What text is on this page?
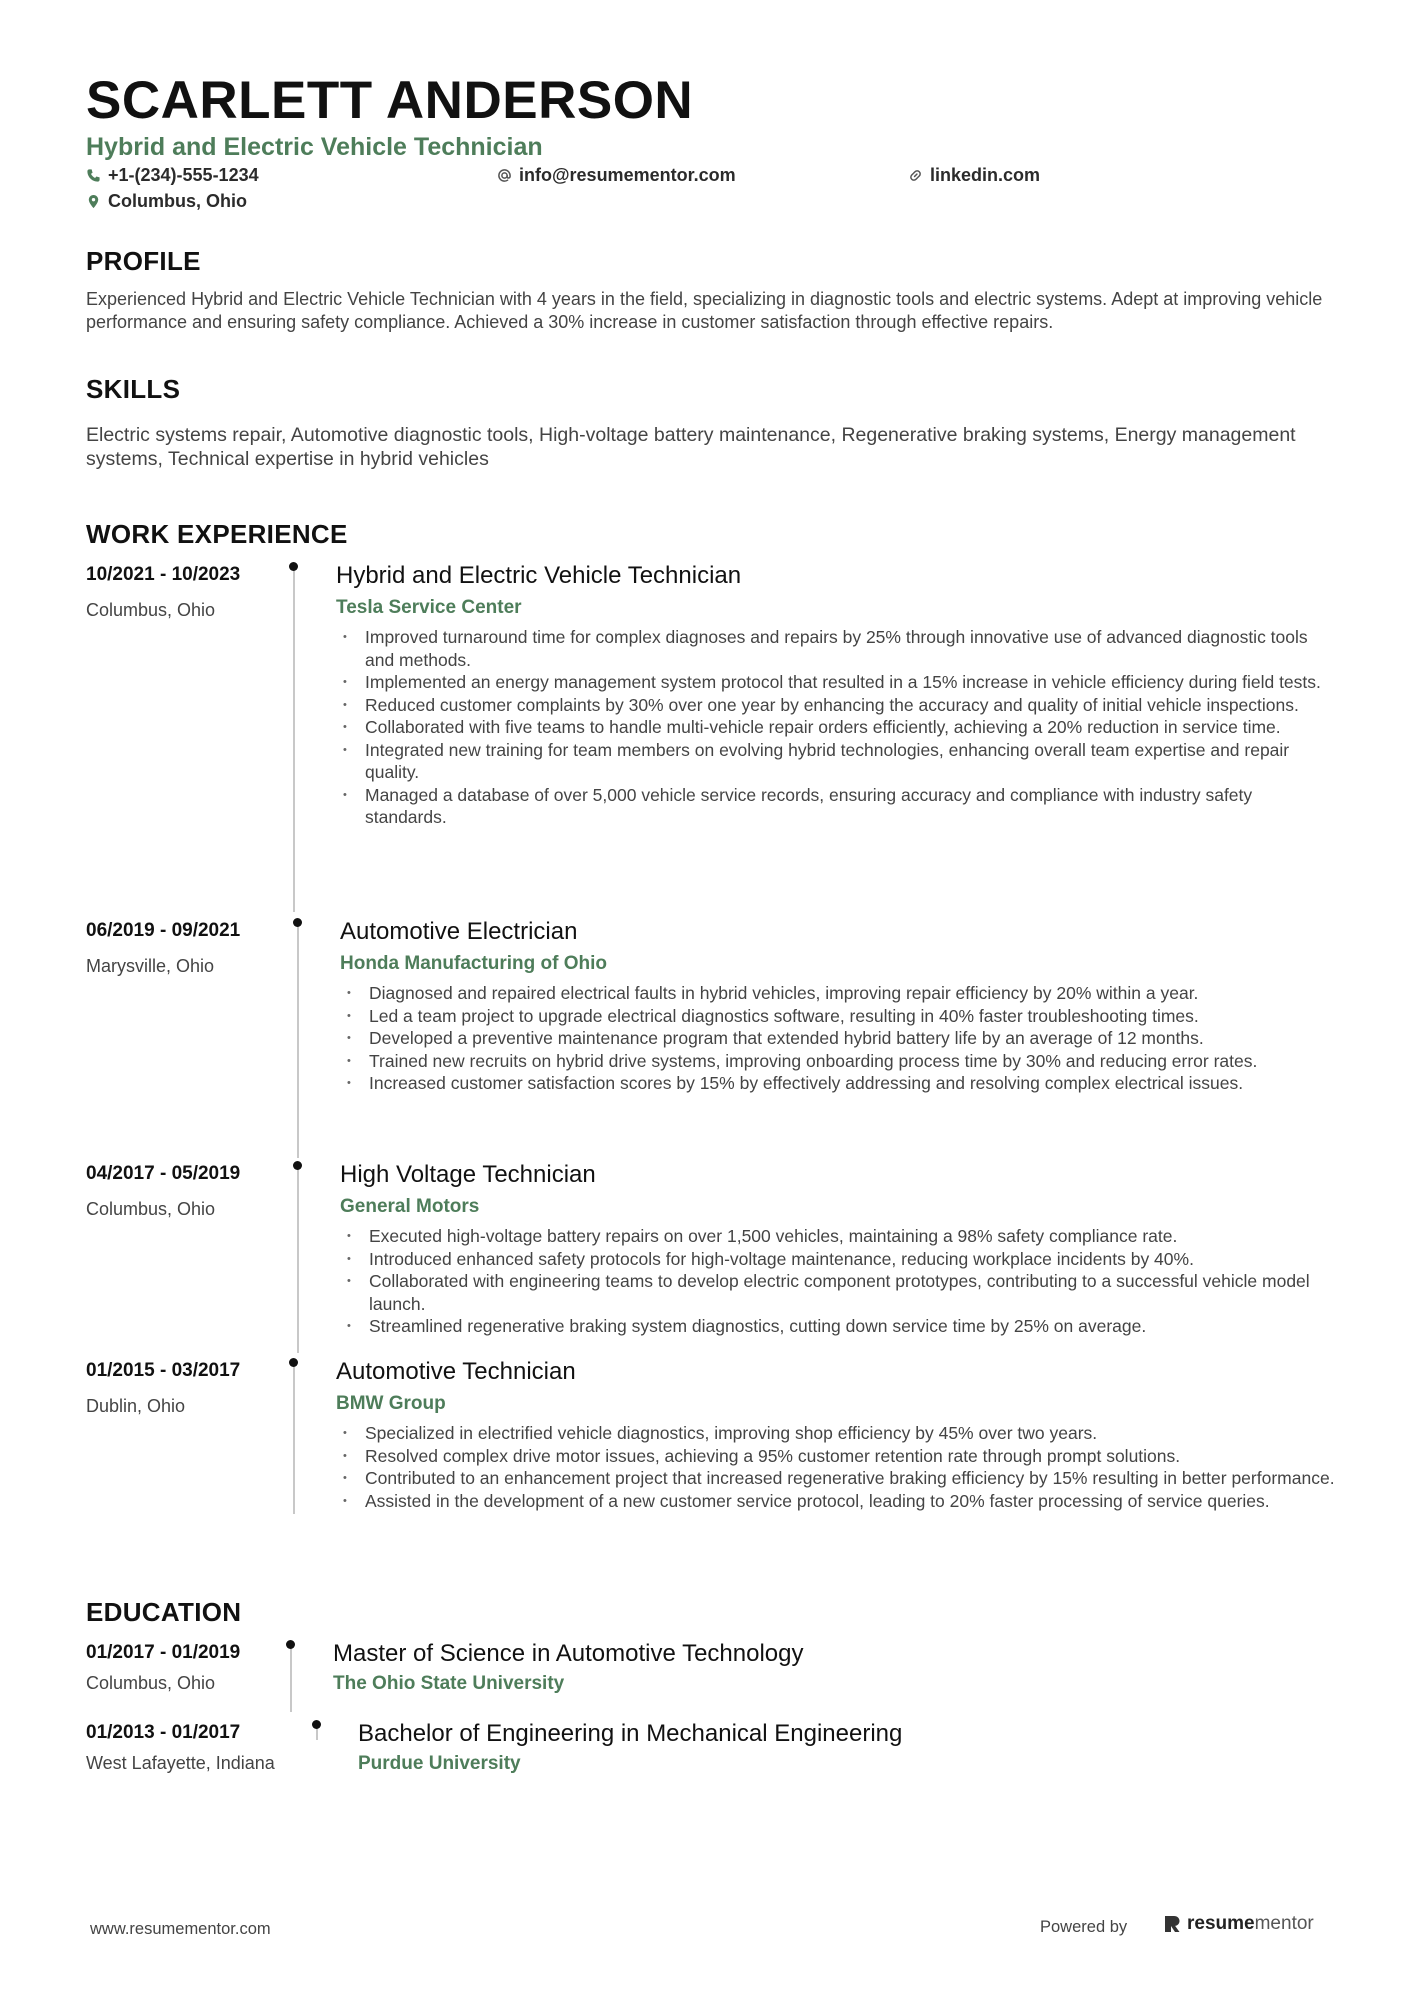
SCARLETT ANDERSON
Hybrid and Electric Vehicle Technician
+1-(234)-555-1234	info@resumementor.com	linkedin.com
Columbus, Ohio
PROFILE
Experienced Hybrid and Electric Vehicle Technician with 4 years in the field, specializing in diagnostic tools and electric systems. Adept at improving vehicle performance and ensuring safety compliance. Achieved a 30% increase in customer satisfaction through effective repairs.
SKILLS
Electric systems repair, Automotive diagnostic tools, High-voltage battery maintenance, Regenerative braking systems, Energy management systems, Technical expertise in hybrid vehicles
WORK EXPERIENCE
10/2021 - 10/2023
Columbus, Ohio
Hybrid and Electric Vehicle Technician
Tesla Service Center
• Improved turnaround time for complex diagnoses and repairs by 25% through innovative use of advanced diagnostic tools and methods.
• Implemented an energy management system protocol that resulted in a 15% increase in vehicle efficiency during field tests.
• Reduced customer complaints by 30% over one year by enhancing the accuracy and quality of initial vehicle inspections.
• Collaborated with five teams to handle multi-vehicle repair orders efficiently, achieving a 20% reduction in service time.
• Integrated new training for team members on evolving hybrid technologies, enhancing overall team expertise and repair quality.
• Managed a database of over 5,000 vehicle service records, ensuring accuracy and compliance with industry safety standards.
06/2019 - 09/2021
Marysville, Ohio
Automotive Electrician
Honda Manufacturing of Ohio
• Diagnosed and repaired electrical faults in hybrid vehicles, improving repair efficiency by 20% within a year.
• Led a team project to upgrade electrical diagnostics software, resulting in 40% faster troubleshooting times.
• Developed a preventive maintenance program that extended hybrid battery life by an average of 12 months.
• Trained new recruits on hybrid drive systems, improving onboarding process time by 30% and reducing error rates.
• Increased customer satisfaction scores by 15% by effectively addressing and resolving complex electrical issues.
04/2017 - 05/2019
Columbus, Ohio
High Voltage Technician
General Motors
• Executed high-voltage battery repairs on over 1,500 vehicles, maintaining a 98% safety compliance rate.
• Introduced enhanced safety protocols for high-voltage maintenance, reducing workplace incidents by 40%.
• Collaborated with engineering teams to develop electric component prototypes, contributing to a successful vehicle model launch.
• Streamlined regenerative braking system diagnostics, cutting down service time by 25% on average.
01/2015 - 03/2017
Dublin, Ohio
Automotive Technician
BMW Group
• Specialized in electrified vehicle diagnostics, improving shop efficiency by 45% over two years.
• Resolved complex drive motor issues, achieving a 95% customer retention rate through prompt solutions.
• Contributed to an enhancement project that increased regenerative braking efficiency by 15% resulting in better performance.
• Assisted in the development of a new customer service protocol, leading to 20% faster processing of service queries.
EDUCATION
01/2017 - 01/2019
Columbus, Ohio
Master of Science in Automotive Technology
The Ohio State University
01/2013 - 01/2017
West Lafayette, Indiana
Bachelor of Engineering in Mechanical Engineering
Purdue University
www.resumementor.com	Powered by	resumementor
